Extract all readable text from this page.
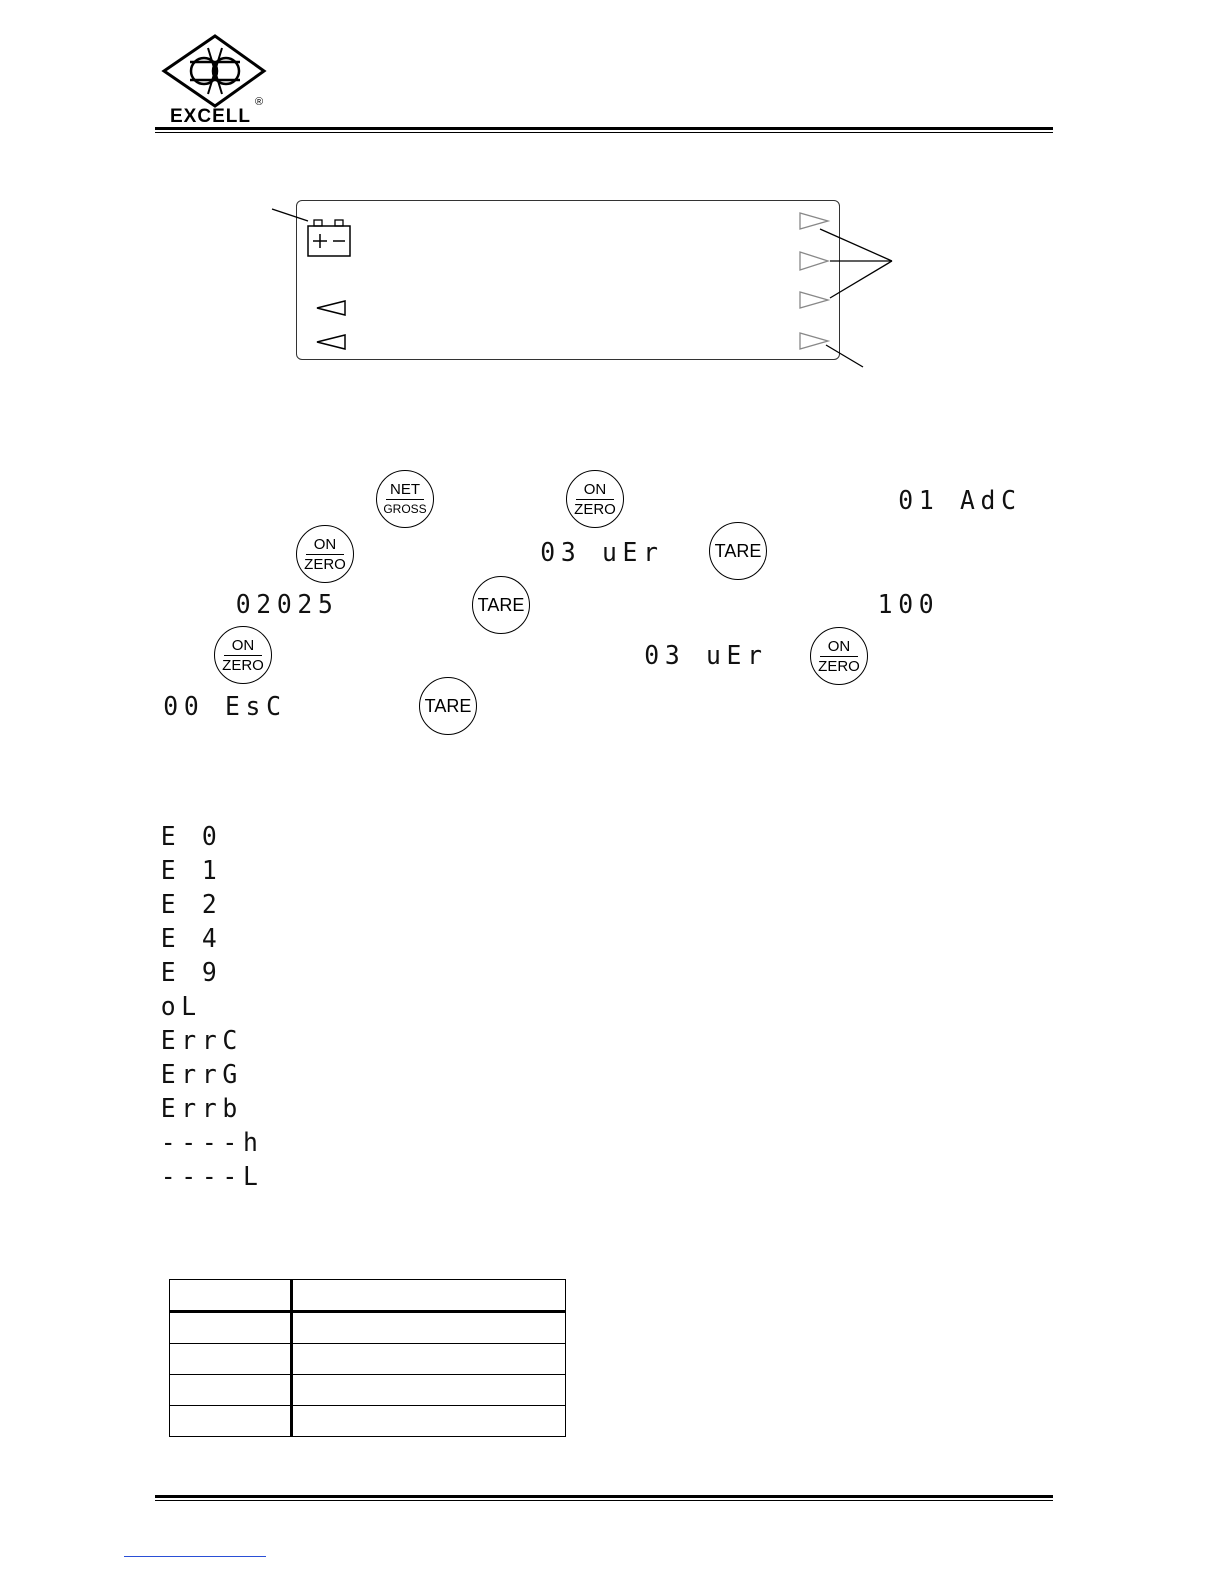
EXCELL
®
NET
GROSS
ON
ZERO	01 AdC
ON
ZERO	03 uEr	TARE
02025	TARE	100
ON
ZERO	03 uEr	ON
ZERO
00 EsC	TARE
E 0
E 1
E 2
E 4
E 9
oL
ErrC
ErrG
Errb
----h
----L
